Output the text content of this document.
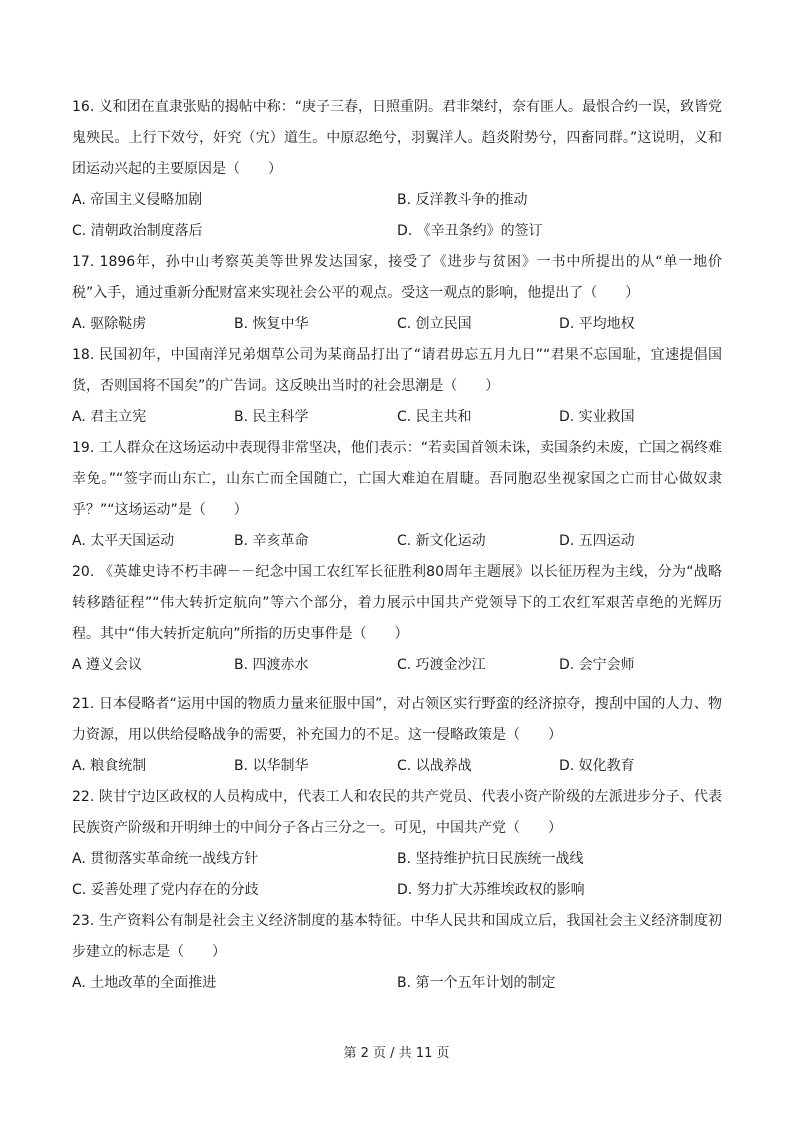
16. 义和团在直隶张贴的揭帖中称：“庚子三春，日照重阴。君非桀纣，奈有匪人。最恨合约一误，致皆党鬼殃民。上行下效兮，奸究（宄）道生。中原忍绝兮，羽翼洋人。趋炎附势兮，四畜同群。”这说明，义和团运动兴起的主要原因是（　　）

A. 帝国主义侵略加剧	B. 反洋教斗争的推动
C. 清朝政治制度落后	D. 《辛丑条约》的签订

17. 1896年，孙中山考察英美等世界发达国家，接受了《进步与贫困》一书中所提出的从“单一地价税”入手，通过重新分配财富来实现社会公平的观点。受这一观点的影响，他提出了（　　）

A. 驱除鞑虏	B. 恢复中华	C. 创立民国	D. 平均地权

18. 民国初年，中国南洋兄弟烟草公司为某商品打出了“请君毋忘五月九日”“君果不忘国耻，宜速提倡国货，否则国将不国矣”的广告词。这反映出当时的社会思潮是（　　）

A. 君主立宪	B. 民主科学	C. 民主共和	D. 实业救国

19. 工人群众在这场运动中表现得非常坚决，他们表示：“若卖国首领未诛，卖国条约未废，亡国之祸终难幸免。”“签字而山东亡，山东亡而全国随亡，亡国大难迫在眉睫。吾同胞忍坐视家国之亡而甘心做奴隶乎？”“这场运动”是（　　）

A. 太平天国运动	B. 辛亥革命	C. 新文化运动	D. 五四运动

20. 《英雄史诗不朽丰碑－－纪念中国工农红军长征胜利80周年主题展》以长征历程为主线，分为“战略转移踏征程”“伟大转折定航向”等六个部分，着力展示中国共产党领导下的工农红军艰苦卓绝的光辉历程。其中“伟大转折定航向”所指的历史事件是（　　）

A 遵义会议	B. 四渡赤水	C. 巧渡金沙江	D. 会宁会师

21. 日本侵略者“运用中国的物质力量来征服中国”，对占领区实行野蛮的经济掠夺，搜刮中国的人力、物力资源，用以供给侵略战争的需要，补充国力的不足。这一侵略政策是（　　）

A. 粮食统制	B. 以华制华	C. 以战养战	D. 奴化教育

22. 陕甘宁边区政权的人员构成中，代表工人和农民的共产党员、代表小资产阶级的左派进步分子、代表民族资产阶级和开明绅士的中间分子各占三分之一。可见，中国共产党（　　）

A. 贯彻落实革命统一战线方针	B. 坚持维护抗日民族统一战线
C. 妥善处理了党内存在的分歧	D. 努力扩大苏维埃政权的影响

23. 生产资料公有制是社会主义经济制度的基本特征。中华人民共和国成立后，我国社会主义经济制度初步建立的标志是（　　）

A. 土地改革的全面推进	B. 第一个五年计划的制定
第 2 页 / 共 11 页
